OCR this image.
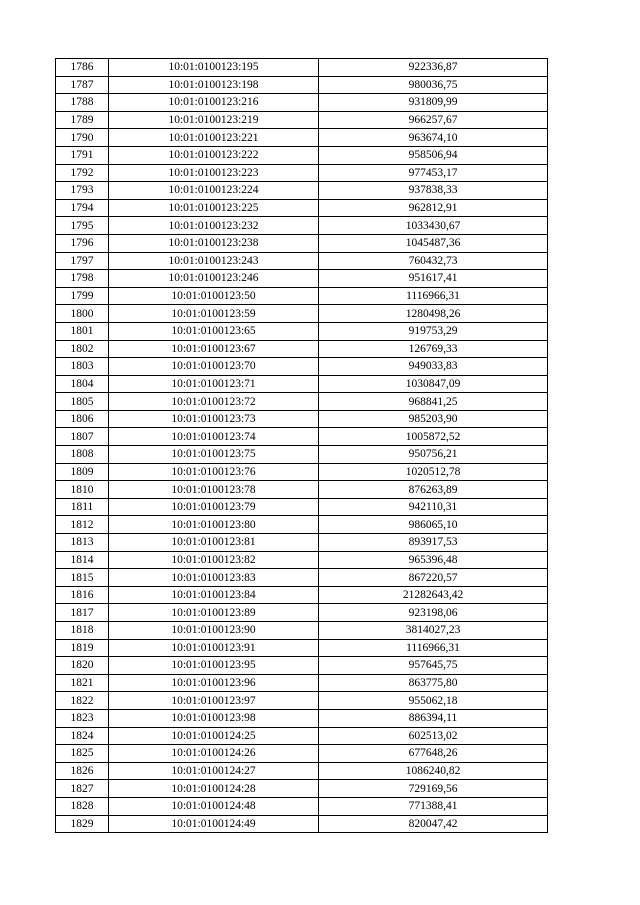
1786	10:01:0100123:195	922336,87
1787	10:01:0100123:198	980036,75
1788	10:01:0100123:216	931809,99
1789	10:01:0100123:219	966257,67
1790	10:01:0100123:221	963674,10
1791	10:01:0100123:222	958506,94
1792	10:01:0100123:223	977453,17
1793	10:01:0100123:224	937838,33
1794	10:01:0100123:225	962812,91
1795	10:01:0100123:232	1033430,67
1796	10:01:0100123:238	1045487,36
1797	10:01:0100123:243	760432,73
1798	10:01:0100123:246	951617,41
1799	10:01:0100123:50	1116966,31
1800	10:01:0100123:59	1280498,26
1801	10:01:0100123:65	919753,29
1802	10:01:0100123:67	126769,33
1803	10:01:0100123:70	949033,83
1804	10:01:0100123:71	1030847,09
1805	10:01:0100123:72	968841,25
1806	10:01:0100123:73	985203,90
1807	10:01:0100123:74	1005872,52
1808	10:01:0100123:75	950756,21
1809	10:01:0100123:76	1020512,78
1810	10:01:0100123:78	876263,89
1811	10:01:0100123:79	942110,31
1812	10:01:0100123:80	986065,10
1813	10:01:0100123:81	893917,53
1814	10:01:0100123:82	965396,48
1815	10:01:0100123:83	867220,57
1816	10:01:0100123:84	21282643,42
1817	10:01:0100123:89	923198,06
1818	10:01:0100123:90	3814027,23
1819	10:01:0100123:91	1116966,31
1820	10:01:0100123:95	957645,75
1821	10:01:0100123:96	863775,80
1822	10:01:0100123:97	955062,18
1823	10:01:0100123:98	886394,11
1824	10:01:0100124:25	602513,02
1825	10:01:0100124:26	677648,26
1826	10:01:0100124:27	1086240,82
1827	10:01:0100124:28	729169,56
1828	10:01:0100124:48	771388,41
1829	10:01:0100124:49	820047,42
